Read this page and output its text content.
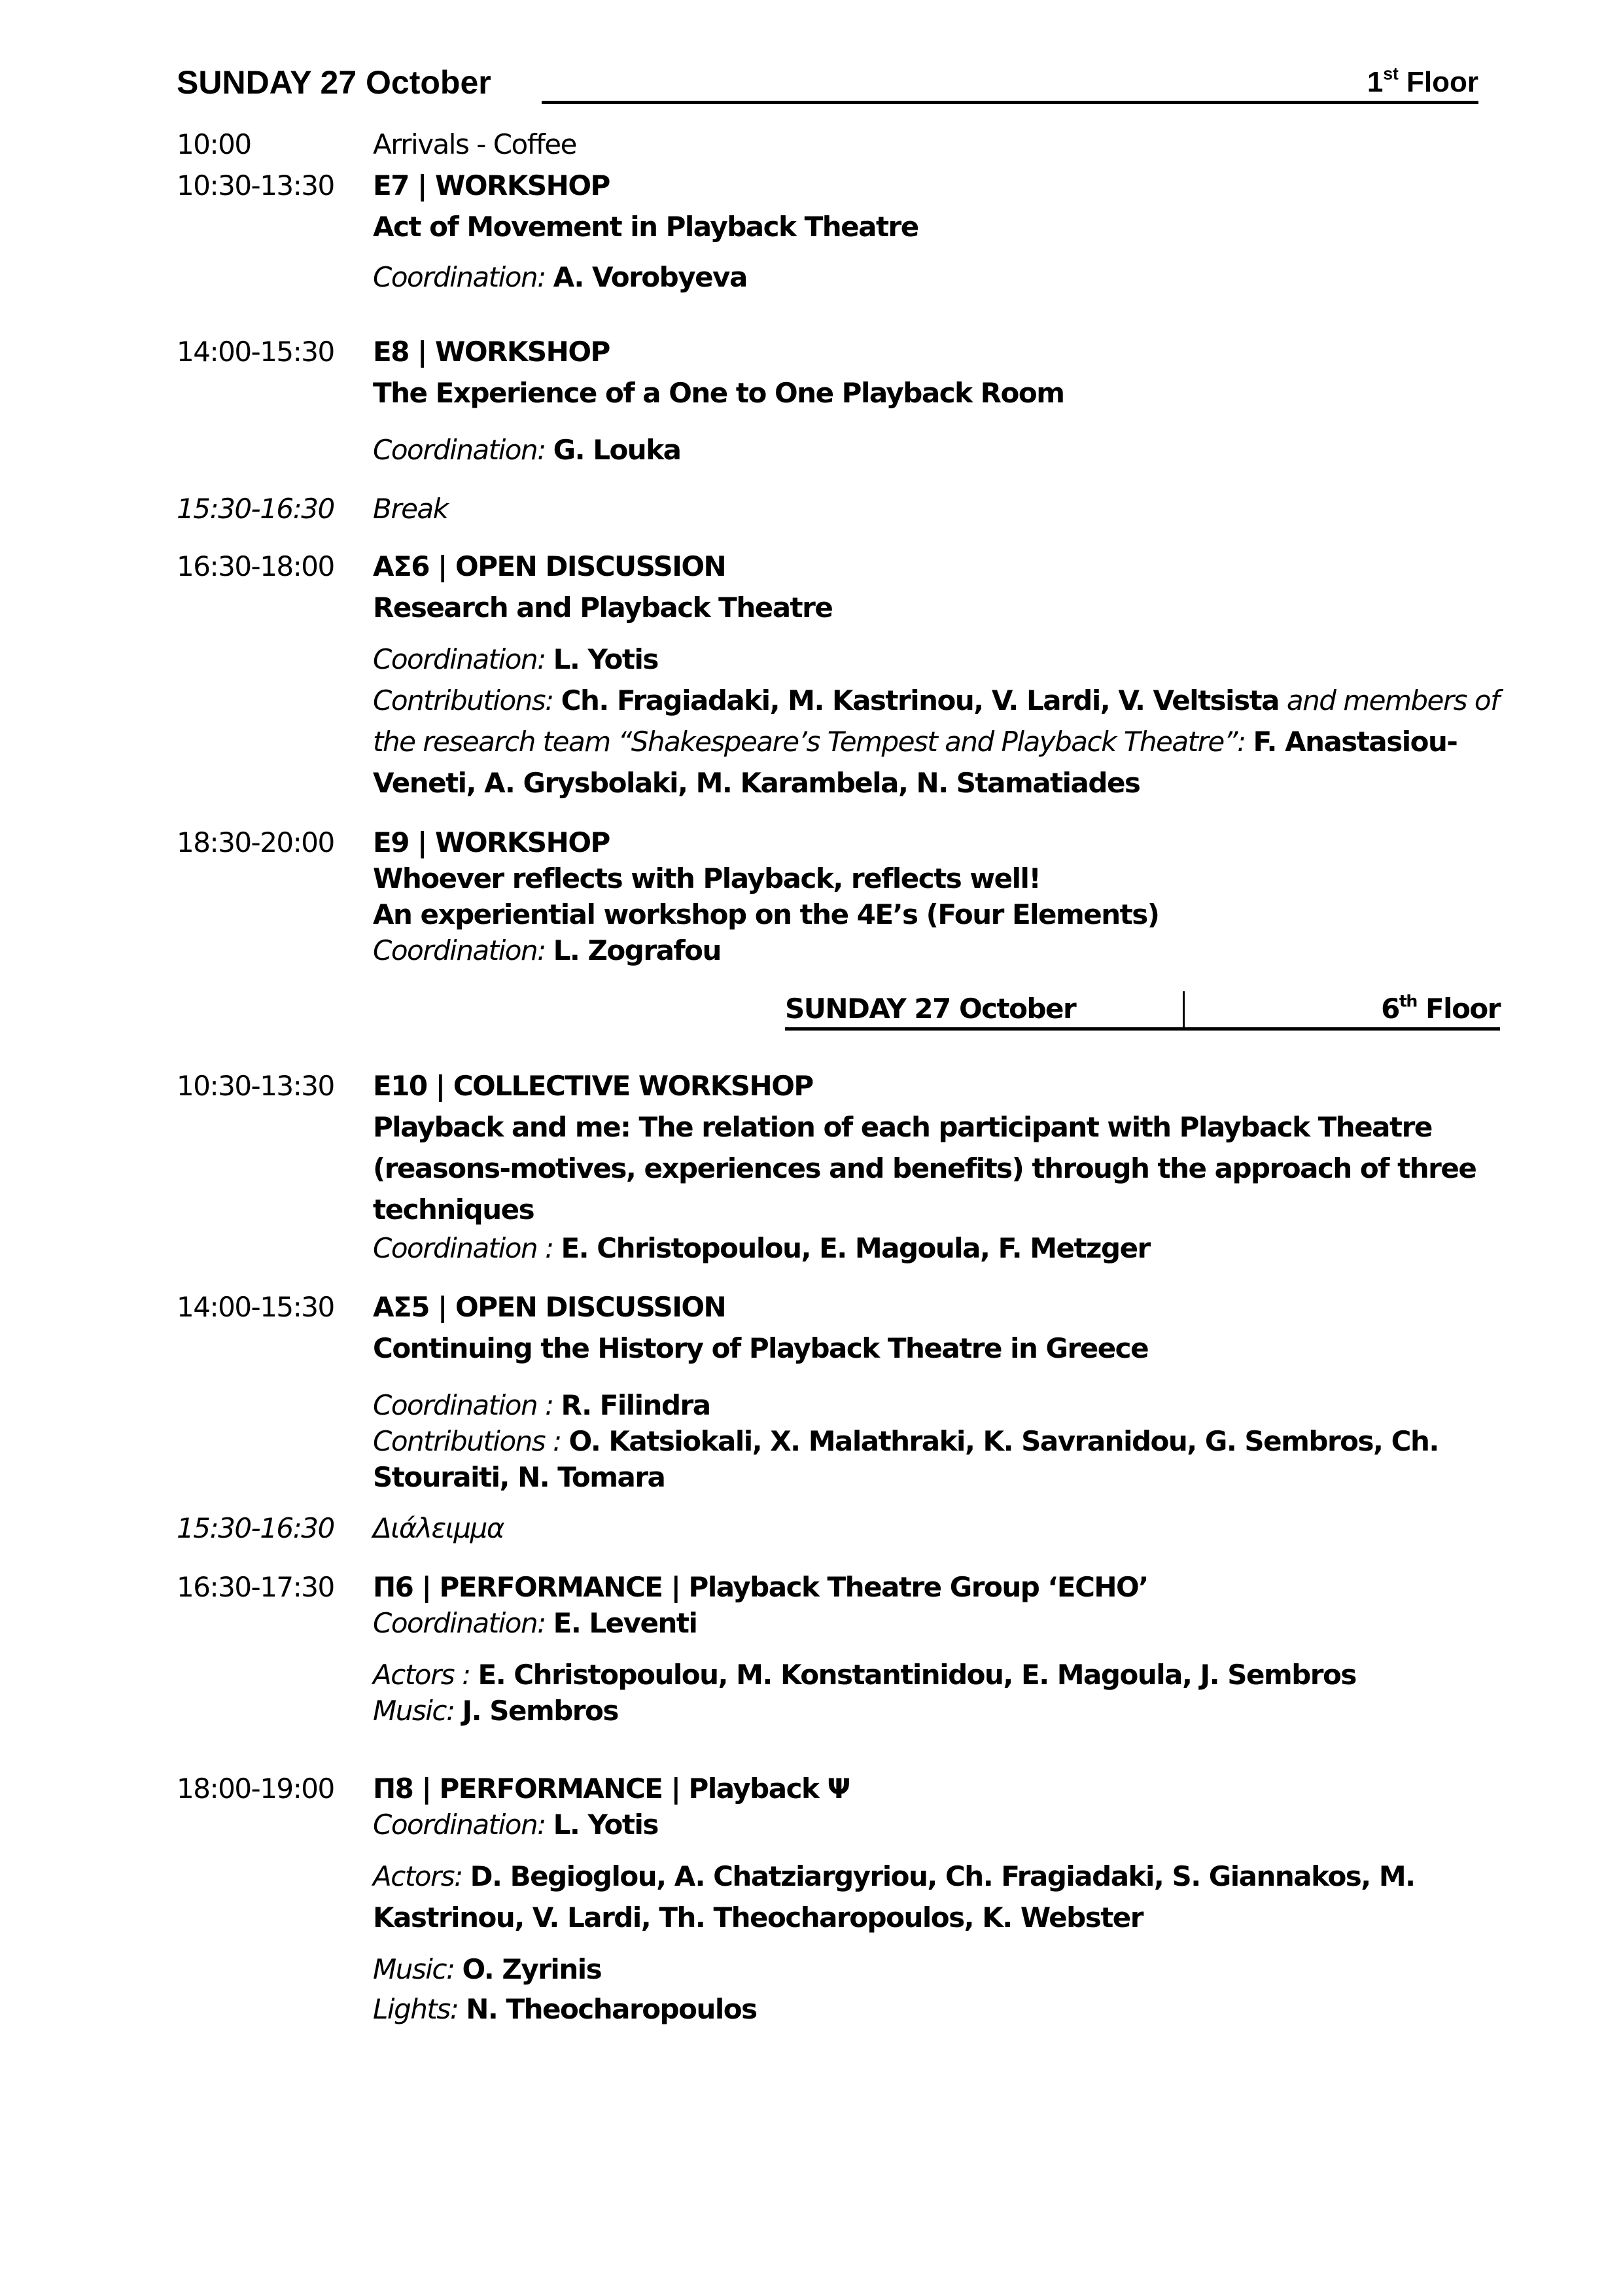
SUNDAY 27 October	1st Floor
10:00	Arrivals - Coffee
10:30-13:30	E7 | WORKSHOP
Act of Movement in Playback Theatre
Coordination: A. Vorobyeva
14:00-15:30	E8 | WORKSHOP
The Experience of a One to One Playback Room
Coordination: G. Louka
15:30-16:30	Break
16:30-18:00	ΑΣ6 | OPEN DISCUSSION
Research and Playback Theatre
Coordination: L. Yotis
Contributions: Ch. Fragiadaki, M. Kastrinou, V. Lardi, V. Veltsista and members of the research team “Shakespeare’s Tempest and Playback Theatre”: F. Anastasiou-Veneti, A. Grysbolaki, M. Karambela, N. Stamatiades
18:30-20:00	E9 | WORKSHOP
Whoever reflects with Playback, reflects well!
An experiential workshop on the 4E’s (Four Elements)
Coordination: L. Zografou
SUNDAY 27 October	6th Floor
10:30-13:30	E10 | COLLECTIVE WORKSHOP
Playback and me: The relation of each participant with Playback Theatre (reasons-motives, experiences and benefits) through the approach of three techniques
Coordination : E. Christopoulou, E. Magoula, F. Metzger
14:00-15:30	ΑΣ5 | OPEN DISCUSSION
Continuing the History of Playback Theatre in Greece
Coordination : R. Filindra
Contributions : O. Katsiokali, X. Malathraki, K. Savranidou, G. Sembros, Ch. Stouraiti, N. Tomara
15:30-16:30	Διάλειμμα
16:30-17:30	Π6 | PERFORMANCE | Playback Theatre Group ‘ECHO’
Coordination: E. Leventi
Actors : E. Christopoulou, M. Konstantinidou, E. Magoula, J. Sembros
Music: J. Sembros
18:00-19:00	Π8 | PERFORMANCE | Playback Ψ
Coordination: L. Yotis
Actors: D. Begioglou, A. Chatziargyriou, Ch. Fragiadaki, S. Giannakos, M. Kastrinou, V. Lardi, Th. Theocharopoulos, K. Webster
Music: O. Zyrinis
Lights: N. Theocharopoulos
